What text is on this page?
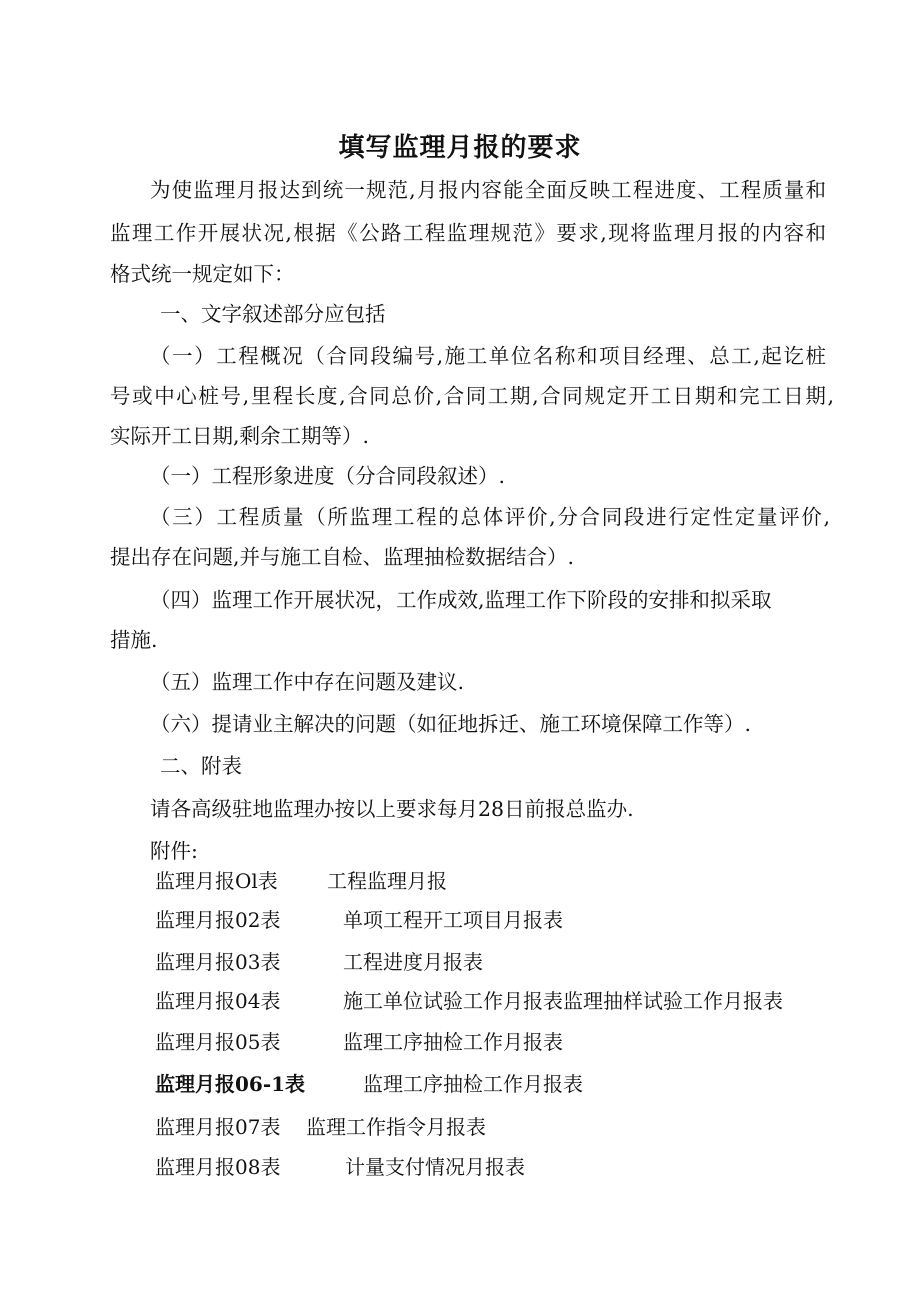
填写监理月报的要求
为使监理月报达到统一规范,月报内容能全面反映工程进度、工程质量和
监理工作开展状况,根据《公路工程监理规范》要求,现将监理月报的内容和
格式统一规定如下：
一、文字叙述部分应包括
（一）工程概况（合同段编号,施工单位名称和项目经理、总工,起讫桩
号或中心桩号,里程长度,合同总价,合同工期,合同规定开工日期和完工日期,
实际开工日期,剩余工期等）.
（一）工程形象进度（分合同段叙述）.
（三）工程质量（所监理工程的总体评价,分合同段进行定性定量评价,
提出存在问题,并与施工自检、监理抽检数据结合）.
（四）监理工作开展状况，工作成效,监理工作下阶段的安排和拟采取
措施.
（五）监理工作中存在问题及建议.
（六）提请业主解决的问题（如征地拆迁、施工环境保障工作等）.
二、附表
请各高级驻地监理办按以上要求每月28日前报总监办.
附件:
监理月报Ol表 工程监理月报
监理月报02表	单项工程开工项目月报表
监理月报03表	工程进度月报表
监理月报04表	施工单位试验工作月报表监理抽样试验工作月报表
监理月报05表	监理工序抽检工作月报表
监理月报06-1表	监理工序抽检工作月报表
监理月报07表 监理工作指令月报表
监理月报08表	计量支付情况月报表
